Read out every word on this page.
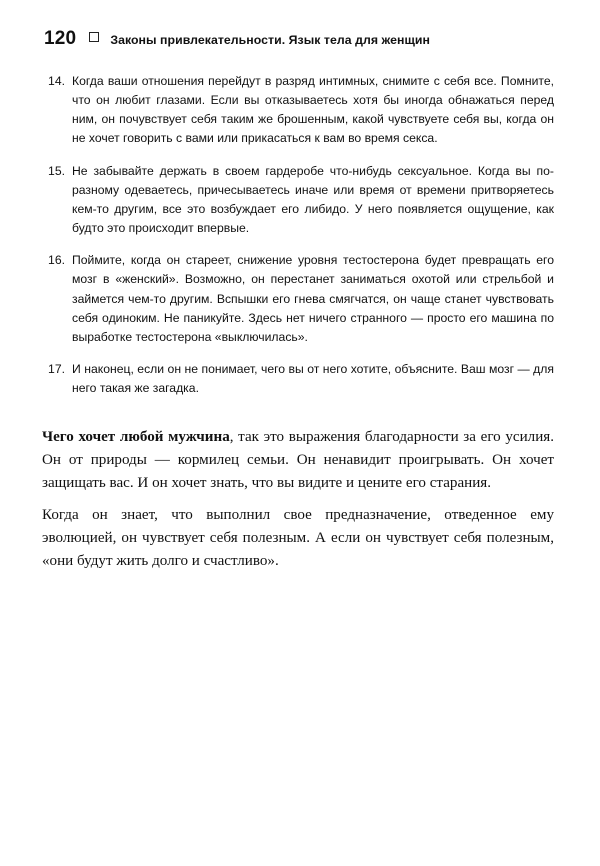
120	Законы привлекательности. Язык тела для женщин
14. Когда ваши отношения перейдут в разряд интимных, снимите с себя все. Помните, что он любит глазами. Если вы отказываетесь хотя бы иногда обнажаться перед ним, он почувствует себя таким же брошенным, какой чувствуете себя вы, когда он не хочет говорить с вами или прикасаться к вам во время секса.
15. Не забывайте держать в своем гардеробе что-нибудь сексуальное. Когда вы по-разному одеваетесь, причесываетесь иначе или время от времени притворяетесь кем-то другим, все это возбуждает его либидо. У него появляется ощущение, как будто это происходит впервые.
16. Поймите, когда он стареет, снижение уровня тестостерона будет превращать его мозг в «женский». Возможно, он перестанет заниматься охотой или стрельбой и займется чем-то другим. Вспышки его гнева смягчатся, он чаще станет чувствовать себя одиноким. Не паникуйте. Здесь нет ничего странного — просто его машина по выработке тестостерона «выключилась».
17. И наконец, если он не понимает, чего вы от него хотите, объясните. Ваш мозг — для него такая же загадка.

Чего хочет любой мужчина, так это выражения благодарности за его усилия. Он от природы — кормилец семьи. Он ненавидит проигрывать. Он хочет защищать вас. И он хочет знать, что вы видите и цените его старания.

Когда он знает, что выполнил свое предназначение, отведенное ему эволюцией, он чувствует себя полезным. А если он чувствует себя полезным, «они будут жить долго и счастливо».
